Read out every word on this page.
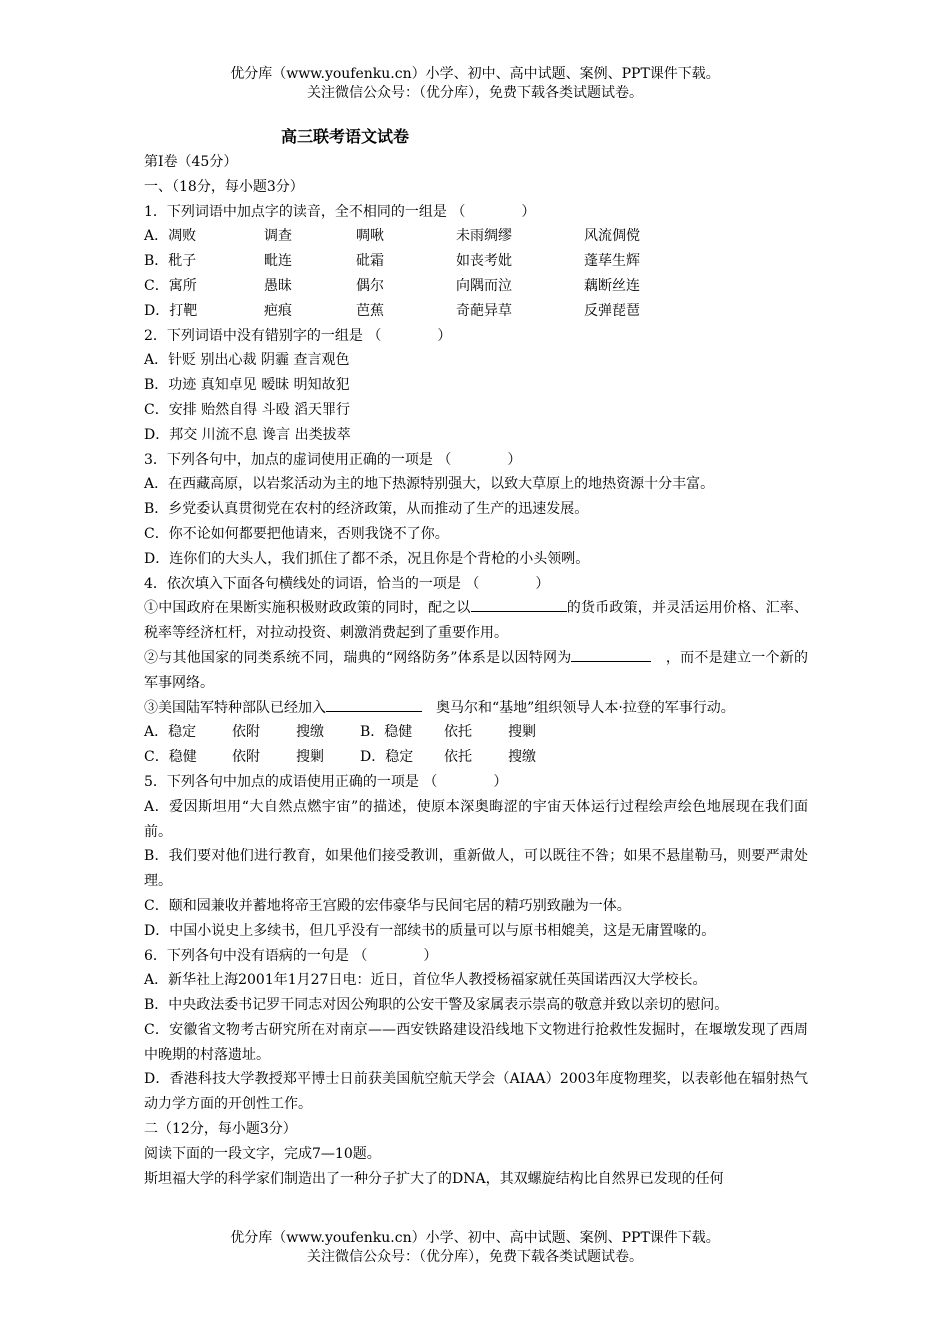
优分库（www.youfenku.cn）小学、初中、高中试题、案例、PPT课件下载。
关注微信公众号：（优分库），免费下载各类试题试卷。
高三联考语文试卷
第Ⅰ卷（45分）
一、（18分，每小题3分）
1．下列词语中加点字的读音，全不相同的一组是 （　　　　）
A．凋败	调查	啁啾	未雨绸缪	风流倜傥
B．秕子	毗连	砒霜	如丧考妣	蓬荜生辉
C．寓所	愚昧	偶尔	向隅而泣	藕断丝连
D．打靶	疤痕	芭蕉	奇葩异草	反弹琵琶
2．下列词语中没有错别字的一组是 （　　　　）
A．针贬 别出心裁 阴霾 查言观色
B．功迹 真知卓见 暧昧 明知故犯
C．安排 贻然自得 斗殴 滔天罪行
D．邦交 川流不息 谗言 出类拔萃
3．下列各句中，加点的虚词使用正确的一项是 （　　　　）
A．在西藏高原，以岩浆活动为主的地下热源特别强大，以致大草原上的地热资源十分丰富。
B．乡党委认真贯彻党在农村的经济政策，从而推动了生产的迅速发展。
C．你不论如何都要把他请来，否则我饶不了你。
D．连你们的大头人，我们抓住了都不杀，况且你是个背枪的小头领咧。
4．依次填入下面各句横线处的词语，恰当的一项是 （　　　　）
①中国政府在果断实施积极财政政策的同时，配之以	的货币政策，并灵活运用价格、汇率、税率等经济杠杆，对拉动投资、刺激消费起到了重要作用。
②与其他国家的同类系统不同，瑞典的“网络防务”体系是以因特网为	　，而不是建立一个新的军事网络。
③美国陆军特种部队已经加入	　奥马尔和“基地”组织领导人本·拉登的军事行动。
A．稳定	依附	搜缴	B．稳健 依托	搜剿
C．稳健	依附	搜剿	D．稳定 依托	搜缴
5．下列各句中加点的成语使用正确的一项是 （　　　　）
A．爱因斯坦用“大自然点燃宇宙”的描述，使原本深奥晦涩的宇宙天体运行过程绘声绘色地展现在我们面前。
B．我们要对他们进行教育，如果他们接受教训，重新做人，可以既往不咎；如果不悬崖勒马，则要严肃处理。
C．颐和园兼收并蓄地将帝王宫殿的宏伟豪华与民间宅居的精巧别致融为一体。
D．中国小说史上多续书，但几乎没有一部续书的质量可以与原书相媲美，这是无庸置喙的。
6．下列各句中没有语病的一句是 （　　　　）
A．新华社上海2001年1月27日电：近日，首位华人教授杨福家就任英国诺西汉大学校长。
B．中央政法委书记罗干同志对因公殉职的公安干警及家属表示崇高的敬意并致以亲切的慰问。
C．安徽省文物考古研究所在对南京——西安铁路建设沿线地下文物进行抢救性发掘时，在堰墩发现了西周中晚期的村落遗址。
D．香港科技大学教授郑平博士日前获美国航空航天学会（AIAA）2003年度物理奖，以表彰他在辐射热气动力学方面的开创性工作。
二（12分，每小题3分）
阅读下面的一段文字，完成7—10题。
斯坦福大学的科学家们制造出了一种分子扩大了的DNA，其双螺旋结构比自然界已发现的任何
优分库（www.youfenku.cn）小学、初中、高中试题、案例、PPT课件下载。
关注微信公众号：（优分库），免费下载各类试题试卷。
